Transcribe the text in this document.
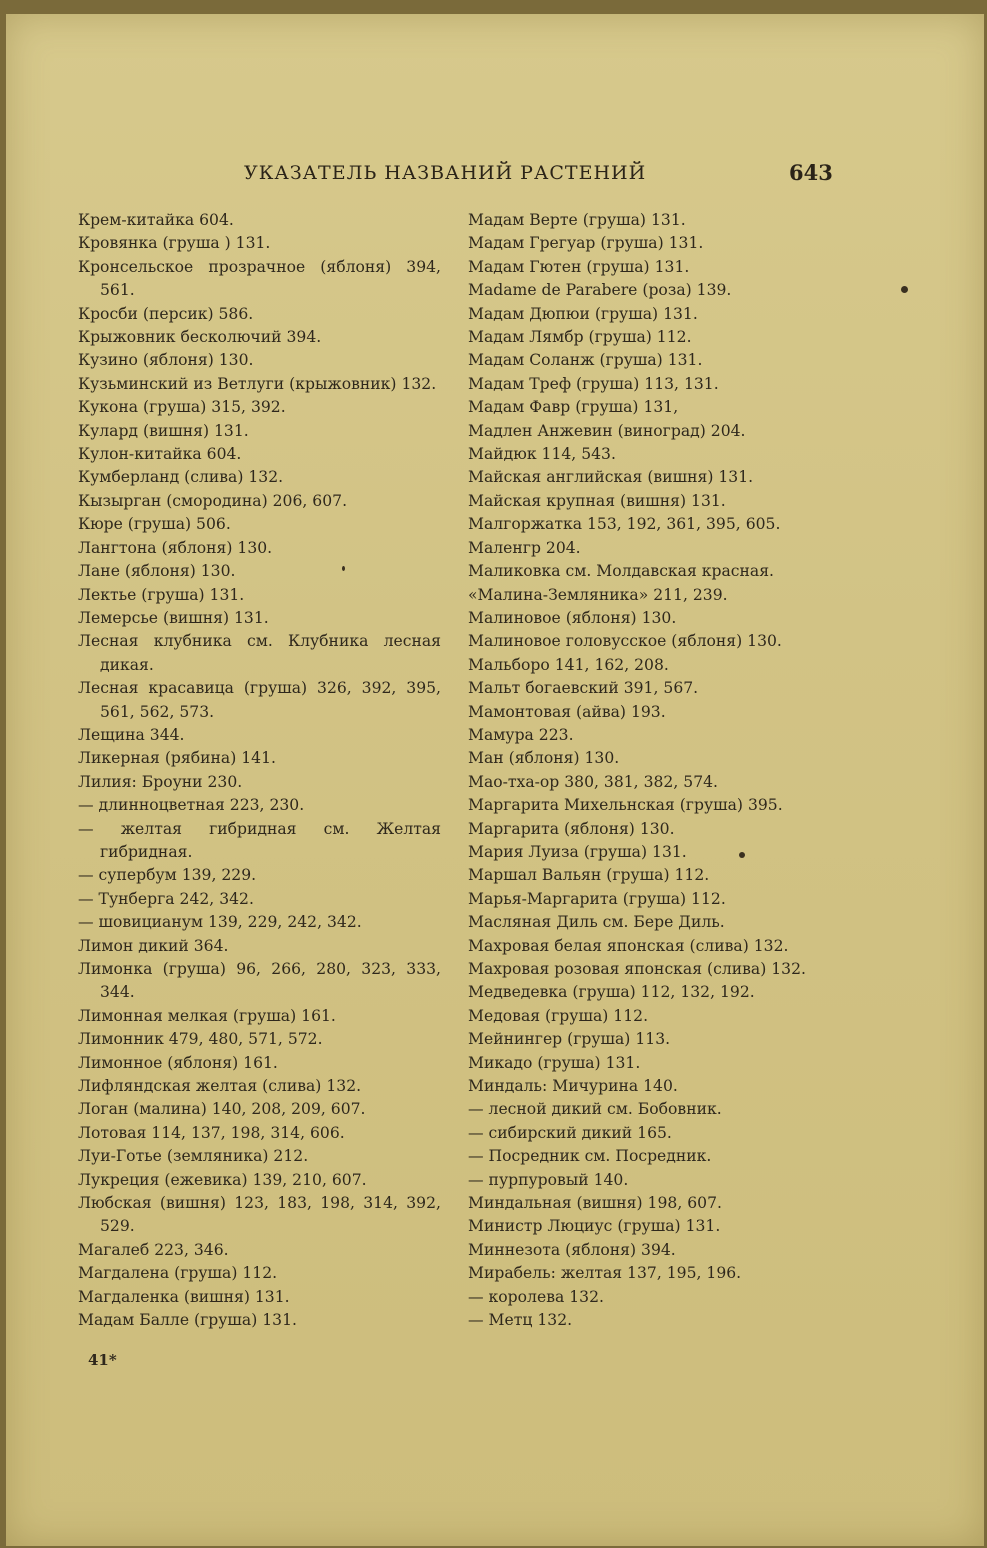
УКАЗАТЕЛЬ НАЗВАНИЙ РАСТЕНИЙ	643

Крем-китайка 604.

Кровянка (груша ) 131.

Кронсельское прозрачное (яблоня) 394, 561.

Кросби (персик) 586.

Крыжовник бесколючий 394.

Кузино (яблоня) 130.

Кузьминский из Ветлуги (крыжовник) 132.

Кукона (груша) 315, 392.

Кулард (вишня) 131.

Кулон-китайка 604.

Кумберланд (слива) 132.

Кызырган (смородина) 206, 607.

Кюре (груша) 506.

Лангтона (яблоня) 130.

Лане (яблоня) 130.

Лектье (груша) 131.

Лемерсье (вишня) 131.

Лесная клубника см. Клубника лесная дикая.

Лесная красавица (груша) 326, 392, 395, 561, 562, 573.

Лещина 344.

Ликерная (рябина) 141.

Лилия: Броуни 230.

— длинноцветная 223, 230.

— желтая гибридная см. Желтая гибридная.

— супербум 139, 229.

— Тунберга 242, 342.

— шовицианум 139, 229, 242, 342.

Лимон дикий 364.

Лимонка (груша) 96, 266, 280, 323, 333, 344.

Лимонная мелкая (груша) 161.

Лимонник 479, 480, 571, 572.

Лимонное (яблоня) 161.

Лифляндская желтая (слива) 132.

Логан (малина) 140, 208, 209, 607.

Лотовая 114, 137, 198, 314, 606.

Луи-Готье (земляника) 212.

Лукреция (ежевика) 139, 210, 607.

Любская (вишня) 123, 183, 198, 314, 392, 529.

Магалеб 223, 346.

Магдалена (груша) 112.

Магдаленка (вишня) 131.

Мадам Балле (груша) 131.

Мадам Верте (груша) 131.

Мадам Грегуар (груша) 131.

Мадам Гютен (груша) 131.

Madame de Parabere (роза) 139.

Мадам Дюпюи (груша) 131.

Мадам Лямбр (груша) 112.

Мадам Соланж (груша) 131.

Мадам Треф (груша) 113, 131.

Мадам Фавр (груша) 131,

Мадлен Анжевин (виноград) 204.

Майдюк 114, 543.

Майская английская (вишня) 131.

Майская крупная (вишня) 131.

Малгоржатка 153, 192, 361, 395, 605.

Маленгр 204.

Маликовка см. Молдавская красная.

«Малина-Земляника» 211, 239.

Малиновое (яблоня) 130.

Малиновое головусское (яблоня) 130.

Мальборо 141, 162, 208.

Мальт богаевский 391, 567.

Мамонтовая (айва) 193.

Мамура 223.

Ман (яблоня) 130.

Мао-тха-ор 380, 381, 382, 574.

Маргарита Михельнская (груша) 395.

Маргарита (яблоня) 130.

Мария Луиза (груша) 131.

Маршал Вальян (груша) 112.

Марья-Маргарита (груша) 112.

Масляная Диль см. Бере Диль.

Махровая белая японская (слива) 132.

Махровая розовая японская (слива) 132.

Медведевка (груша) 112, 132, 192.

Медовая (груша) 112.

Мейнингер (груша) 113.

Микадо (груша) 131.

Миндаль: Мичурина 140.

— лесной дикий см. Бобовник.

— сибирский дикий 165.

— Посредник см. Посредник.

— пурпуровый 140.

Миндальная (вишня) 198, 607.

Министр Люциус (груша) 131.

Миннезота (яблоня) 394.

Мирабель: желтая 137, 195, 196.

— королева 132.

— Метц 132.

41*
